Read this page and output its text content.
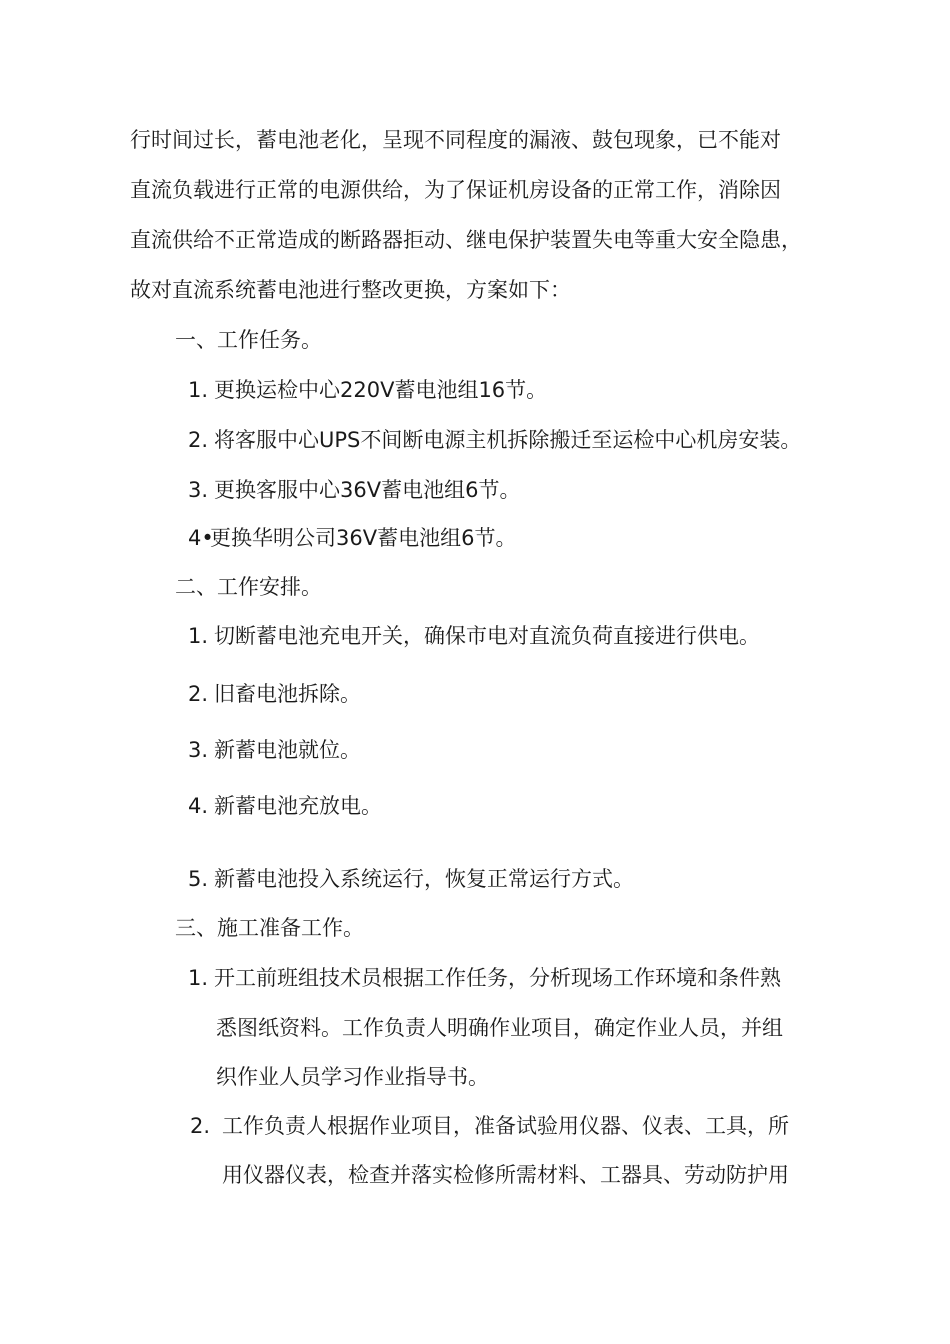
行时间过长，蓄电池老化，呈现不同程度的漏液、鼓包现象，已不能对
直流负载进行正常的电源供给，为了保证机房设备的正常工作，消除因
直流供给不正常造成的断路器拒动、继电保护装置失电等重大安全隐患，
故对直流系统蓄电池进行整改更换，方案如下：
一、工作任务。
1. 更换运检中心220V蓄电池组16节。
2. 将客服中心UPS不间断电源主机拆除搬迁至运检中心机房安装。
3. 更换客服中心36V蓄电池组6节。
4•更换华明公司36V蓄电池组6节。
二、工作安排。
1. 切断蓄电池充电开关，确保市电对直流负荷直接进行供电。
2. 旧畜电池拆除。
3. 新蓄电池就位。
4. 新蓄电池充放电。
5. 新蓄电池投入系统运行，恢复正常运行方式。
三、施工准备工作。
1. 开工前班组技术员根据工作任务，分析现场工作环境和条件熟
悉图纸资料。工作负责人明确作业项目，确定作业人员，并组
织作业人员学习作业指导书。
2. 工作负责人根据作业项目，准备试验用仪器、仪表、工具，所
用仪器仪表，检查并落实检修所需材料、工器具、劳动防护用
